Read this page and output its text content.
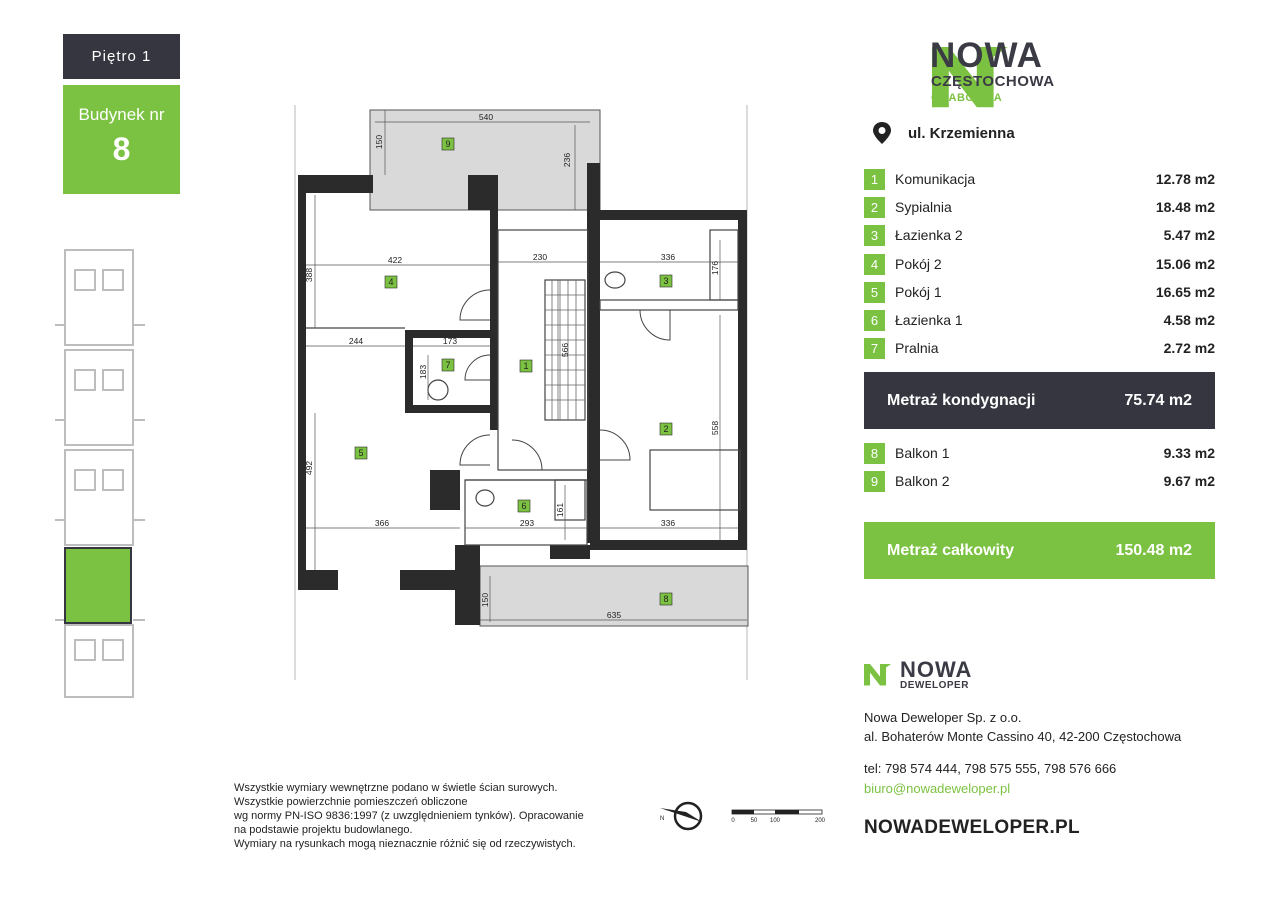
Piętro 1
Budynek nr
8
540
150
236
422
388
230	336
176
244	173
183
566
492
558
366	293
161
336
150
635
1
2
3
4
5
6
7
8
9
NOWA
CZĘSTOCHOWA
GRABÓWKA
ul. Krzemienna
1	Komunikacja	12.78 m2
2	Sypialnia	18.48 m2
3	Łazienka 2	5.47 m2
4	Pokój 2	15.06 m2
5	Pokój 1	16.65 m2
6	Łazienka 1	4.58 m2
7	Pralnia	2.72 m2
Metraż kondygnacji	75.74 m2
8	Balkon 1	9.33 m2
9	Balkon 2	9.67 m2
Metraż całkowity	150.48 m2
NOWA
DEWELOPER
Nowa Deweloper Sp. z o.o.
al. Bohaterów Monte Cassino 40, 42-200 Częstochowa
tel: 798 574 444, 798 575 555, 798 576 666
biuro@nowadeweloper.pl
NOWADEWELOPER.PL
Wszystkie wymiary wewnętrzne podano w świetle ścian surowych.
Wszystkie powierzchnie pomieszczeń obliczone
wg normy PN-ISO 9836:1997 (z uwzględnieniem tynków). Opracowanie
na podstawie projektu budowlanego.
Wymiary na rysunkach mogą nieznacznie różnić się od rzeczywistych.
N	0	50 100	200
